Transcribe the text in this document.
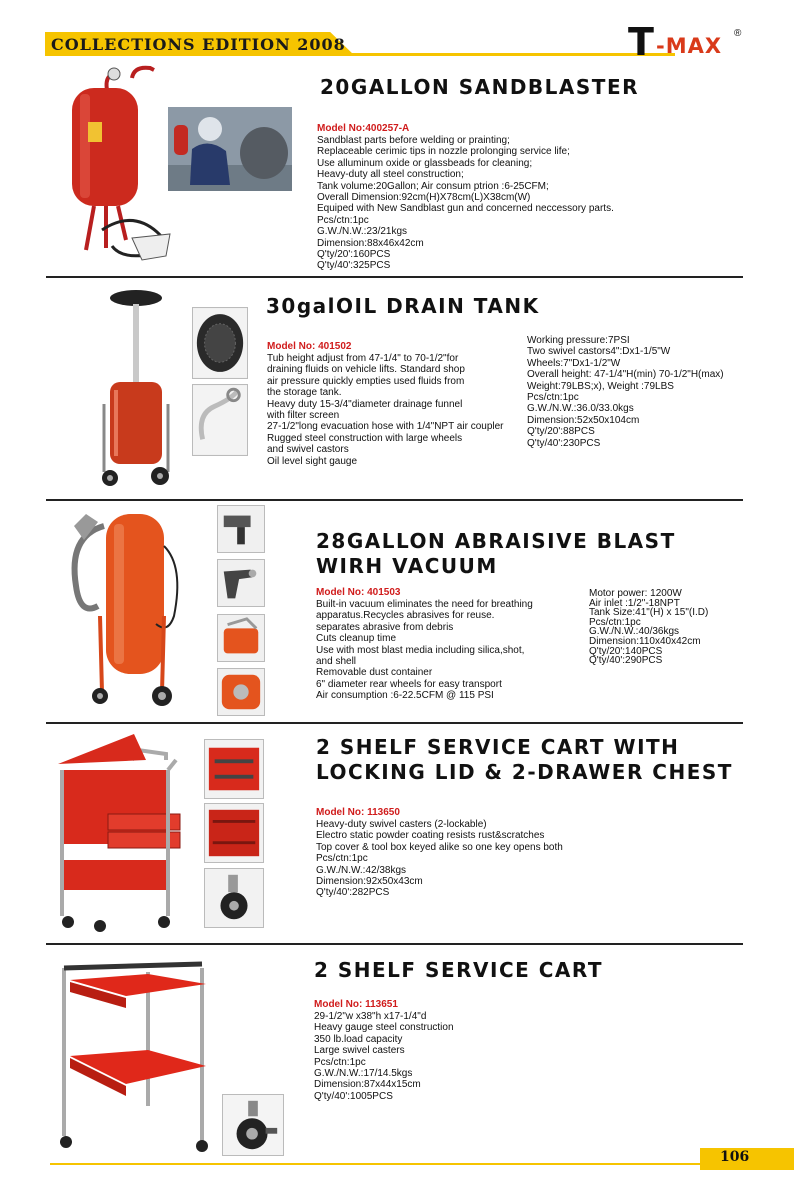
COLLECTIONS EDITION 2008	T -MAX
®
20GALLON SANDBLASTER
Model No:400257-A
Sandblast parts before welding or prainting;
Replaceable cerimic tips in nozzle prolonging service life;
Use alluminum oxide or glassbeads for cleaning;
Heavy-duty all steel construction;
Tank volume:20Gallon; Air consum ptrion :6-25CFM;
Overall Dimension:92cm(H)X78cm(L)X38cm(W)
Equiped with New Sandblast gun and concerned neccessory parts.
Pcs/ctn:1pc
G.W./N.W.:23/21kgs
Dimension:88x46x42cm
Q'ty/20':160PCS
Q'ty/40':325PCS
30galOIL DRAIN TANK
Model No: 401502
Tub height adjust from 47-1/4" to 70-1/2"for
draining fluids on vehicle lifts. Standard shop
air pressure quickly empties used fluids from
the storage tank.
Heavy duty 15-3/4"diameter drainage funnel
with filter screen
27-1/2"long evacuation hose with 1/4"NPT air coupler
Rugged steel construction with large wheels
and swivel castors
Oil level sight gauge
Working pressure:7PSI
Two swivel castors4":Dx1-1/5"W
Wheels:7"Dx1-1/2"W
Overall height: 47-1/4"H(min) 70-1/2"H(max)
Weight:79LBS;x), Weight :79LBS
Pcs/ctn:1pc
G.W./N.W.:36.0/33.0kgs
Dimension:52x50x104cm
Q'ty/20':88PCS
Q'ty/40':230PCS
28GALLON ABRAISIVE BLAST
WIRH VACUUM
Model No: 401503
Built-in vacuum eliminates the need for breathing
apparatus.Recycles abrasives for reuse.
separates abrasive from debris
Cuts cleanup time
Use with most blast media including silica,shot,
and shell
Removable dust container
6" diameter rear wheels for easy transport
Air consumption :6-22.5CFM @ 115 PSI
Motor power: 1200W
Air inlet :1/2"-18NPT
Tank Size:41"(H) x 15"(I.D)
Pcs/ctn:1pc
G.W./N.W.:40/36kgs
Dimension:110x40x42cm
Q'ty/20':140PCS
Q'ty/40':290PCS
2 SHELF SERVICE CART WITH
LOCKING LID & 2-DRAWER CHEST
Model No: 113650
Heavy-duty swivel casters (2-lockable)
Electro static powder coating resists rust&scratches
Top cover & tool box keyed alike so one key opens both
Pcs/ctn:1pc
G.W./N.W.:42/38kgs
Dimension:92x50x43cm
Q'ty/40':282PCS
2 SHELF SERVICE CART
Model No: 113651
29-1/2"w x38"h x17-1/4"d
Heavy gauge steel construction
350 lb.load capacity
Large swivel casters
Pcs/ctn:1pc
G.W./N.W.:17/14.5kgs
Dimension:87x44x15cm
Q'ty/40':1005PCS
106
